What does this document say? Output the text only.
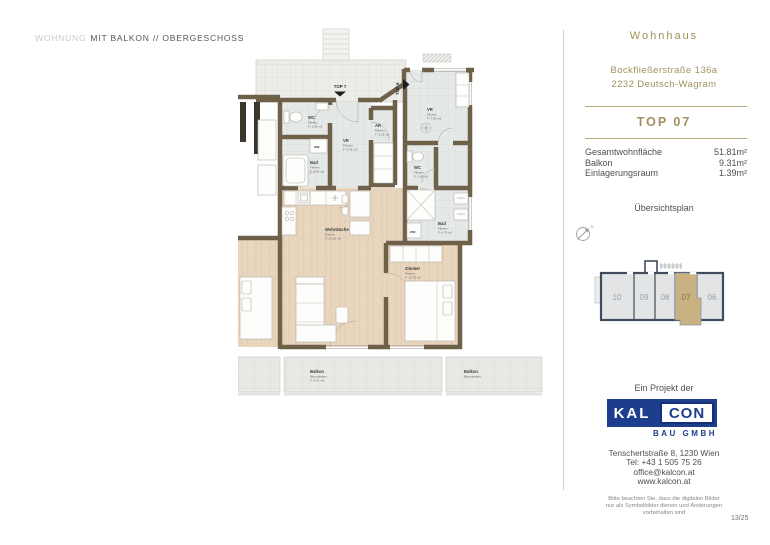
WOHNUNG MIT BALKON // OBERGESCHOSS
TOP 7	TOP 6
WC
Fliesen
F: 1.90 m2
Bad
Fliesen
F: 3.82 m2
VR
Fliesen
F: 5.24 m2
AR
Fliesen
F: 3.15 m2
Wohnküche
Parkett
F: 26.06 m2
Zimmer
Parkett
F: 13.35 m2
Balkon
Betonplatten
F: 9.31 m2
VR
Fliesen
F: 7.95 m2
WC
Fliesen
F: 1.42 m2
Bad
Fliesen
F: 4.75 m2
Balkon
Betonplatten
WM
WM
Wohnhaus
Bockfließerstraße 136a
2232 Deutsch-Wagram
TOP 07
Gesamtwohnfläche	51.81m²
Balkon	9.31m²
Einlagerungsraum	1.39m²
Übersichtsplan
N
10 09 08 07 06
Ein Projekt der
KAL	CON
BAU GMBH
Tenschertstraße 8, 1230 Wien
Tel: +43 1 505 75 26
office@kalcon.at
www.kalcon.at
Bitte beachten Sie, dass die digitalen Bilder
nur als Symbolbilder dienen und Änderungen
vorbehalten sind
13/25
